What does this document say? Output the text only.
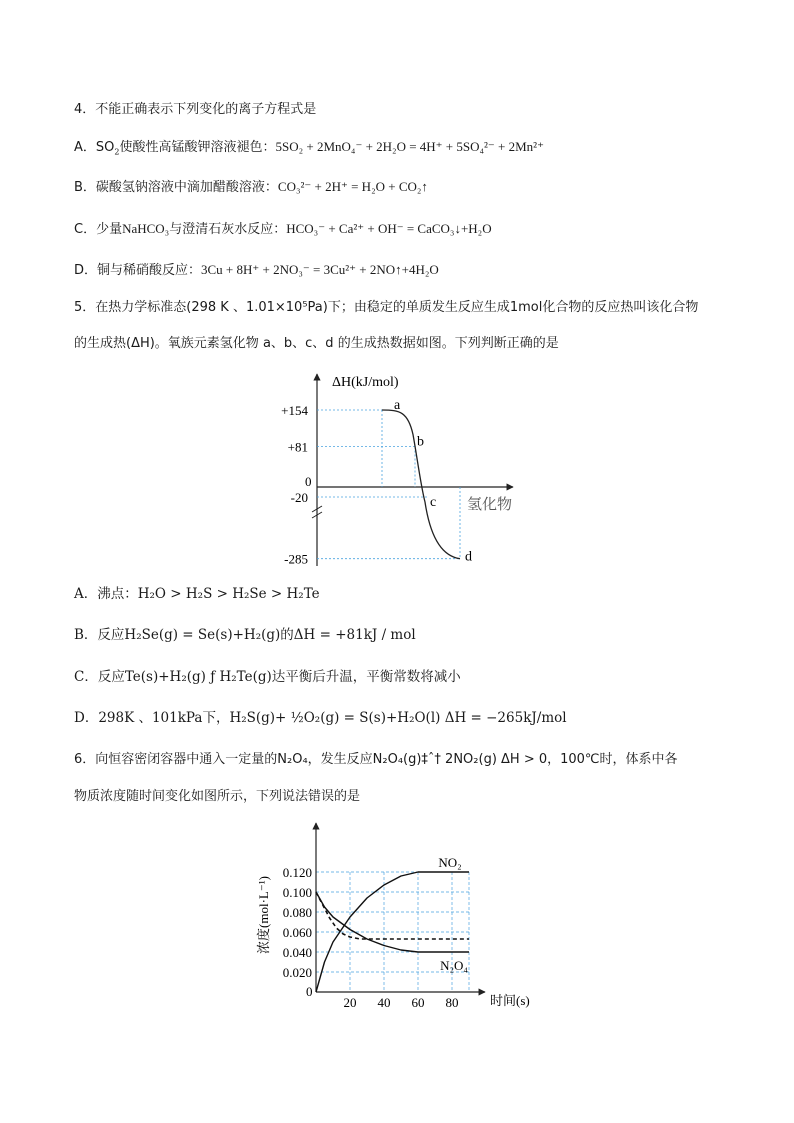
4．不能正确表示下列变化的离子方程式是
A．$SO_2$使酸性高锰酸钾溶液褪色：5SO₂ + 2MnO₄⁻ + 2H₂O = 4H⁺ + 5SO₄²⁻ + 2Mn²⁺
B．碳酸氢钠溶液中滴加醋酸溶液：CO₃²⁻ + 2H⁺ = H₂O + CO₂↑
C．少量NaHCO₃与澄清石灰水反应：HCO₃⁻ + Ca²⁺ + OH⁻ = CaCO₃↓+H₂O
D．铜与稀硝酸反应：3Cu + 8H⁺ + 2NO₃⁻ = 3Cu²⁺ + 2NO↑+4H₂O
5．在热力学标准态(298 K 、1.01×10⁵Pa)下；由稳定的单质发生反应生成1mol化合物的反应热叫该化合物
的生成热(ΔH)。氧族元素氢化物 a、b、c、d 的生成热数据如图。下列判断正确的是
ΔH(kJ/mol)
0
氢化物
+154
+81
-20
-285
a
b
c
d
A．沸点：H₂O > H₂S > H₂Se > H₂Te
B．反应H₂Se(g) = Se(s)+H₂(g)的ΔH = +81kJ / mol
C．反应Te(s)+H₂(g) ƒ H₂Te(g)达平衡后升温，平衡常数将减小
D．298K 、101kPa下，H₂S(g)+ ½O₂(g) = S(s)+H₂O(l) ΔH = −265kJ/mol
6．向恒容密闭容器中通入一定量的N₂O₄，发生反应N₂O₄(g)‡ˆ† 2NO₂(g) ΔH > 0，100℃时，体系中各
物质浓度随时间变化如图所示，下列说法错误的是
浓度(mol·L⁻¹)
时间(s)
0
0.120
0.100
0.080
0.060
0.040
0.020
20 40 60 80
NO₂
N₂O₄
